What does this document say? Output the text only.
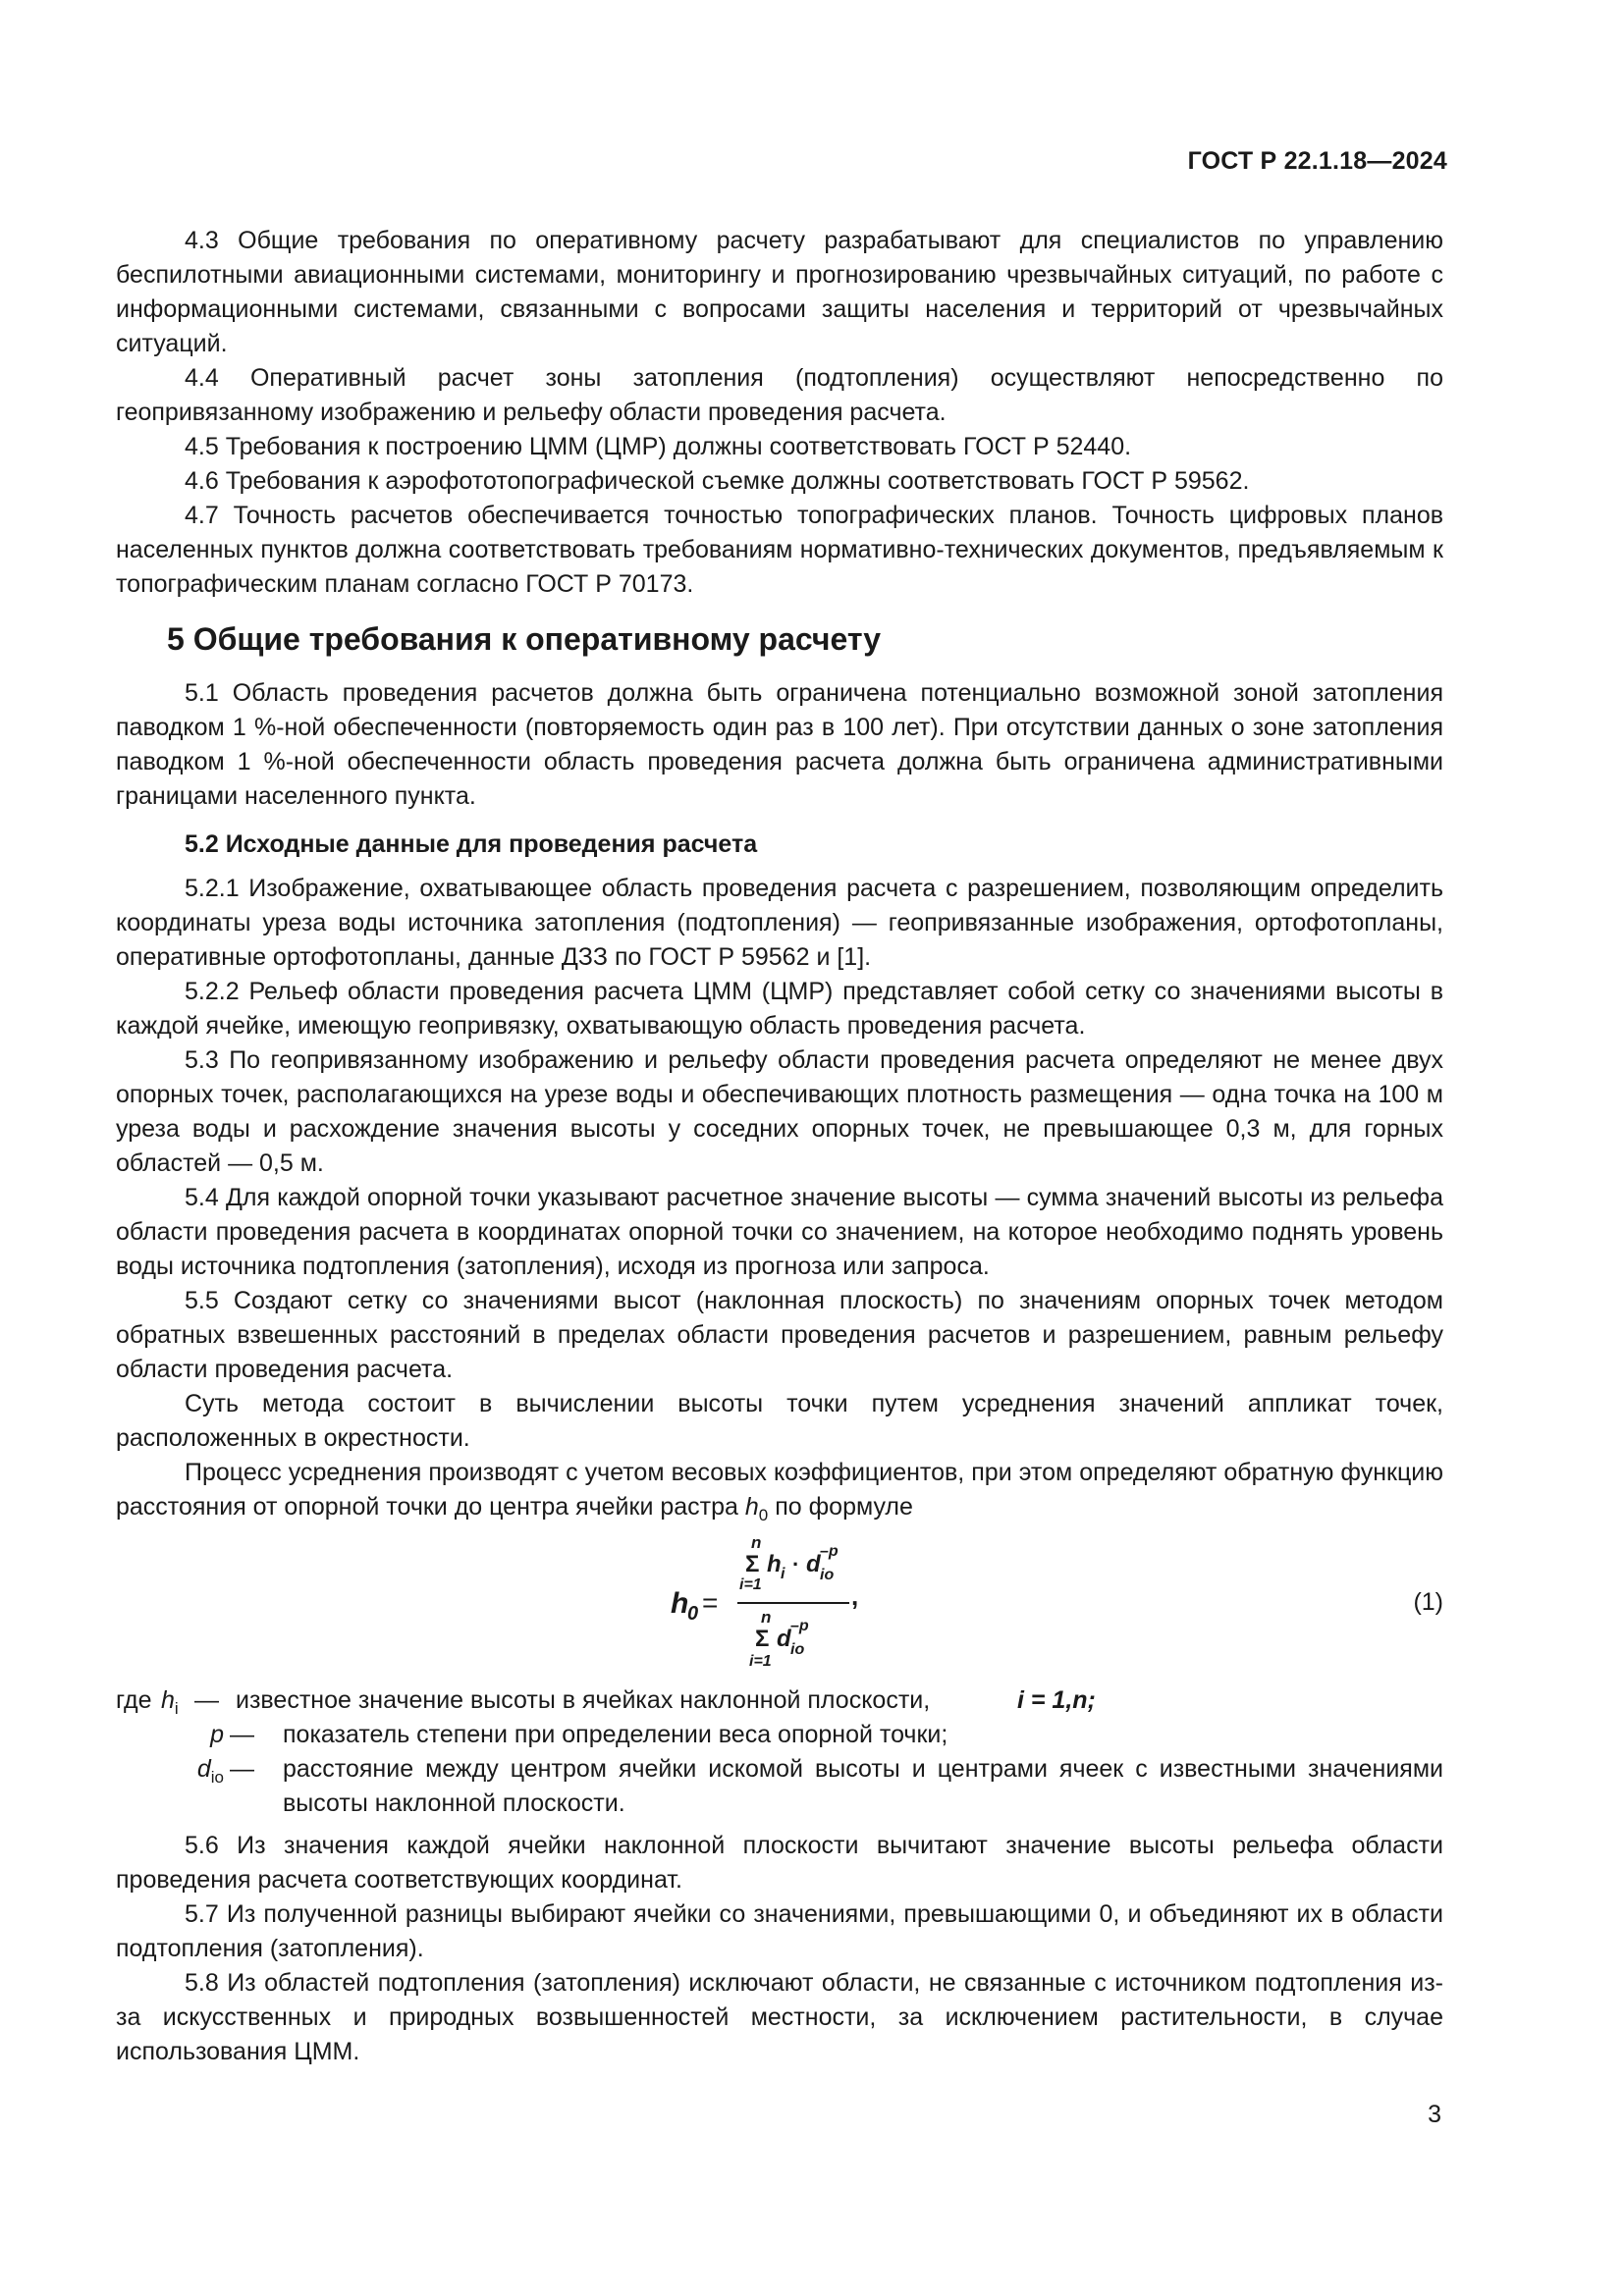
ГОСТ Р 22.1.18—2024

4.3 Общие требования по оперативному расчету разрабатывают для специалистов по управлению беспилотными авиационными системами, мониторингу и прогнозированию чрезвычайных ситуаций, по работе с информационными системами, связанными с вопросами защиты населения и территорий от чрезвычайных ситуаций.

4.4 Оперативный расчет зоны затопления (подтопления) осуществляют непосредственно по геопривязанному изображению и рельефу области проведения расчета.

4.5 Требования к построению ЦММ (ЦМР) должны соответствовать ГОСТ Р 52440.

4.6 Требования к аэрофототопографической съемке должны соответствовать ГОСТ Р 59562.

4.7 Точность расчетов обеспечивается точностью топографических планов. Точность цифровых планов населенных пунктов должна соответствовать требованиям нормативно-технических документов, предъявляемым к топографическим планам согласно ГОСТ Р 70173.

5 Общие требования к оперативному расчету

5.1 Область проведения расчетов должна быть ограничена потенциально возможной зоной затопления паводком 1 %-ной обеспеченности (повторяемость один раз в 100 лет). При отсутствии данных о зоне затопления паводком 1 %-ной обеспеченности область проведения расчета должна быть ограничена административными границами населенного пункта.

5.2 Исходные данные для проведения расчета

5.2.1 Изображение, охватывающее область проведения расчета с разрешением, позволяющим определить координаты уреза воды источника затопления (подтопления) — геопривязанные изображения, ортофотопланы, оперативные ортофотопланы, данные ДЗЗ по ГОСТ Р 59562 и [1].

5.2.2 Рельеф области проведения расчета ЦММ (ЦМР) представляет собой сетку со значениями высоты в каждой ячейке, имеющую геопривязку, охватывающую область проведения расчета.

5.3 По геопривязанному изображению и рельефу области проведения расчета определяют не менее двух опорных точек, располагающихся на урезе воды и обеспечивающих плотность размещения — одна точка на 100 м уреза воды и расхождение значения высоты у соседних опорных точек, не превышающее 0,3 м, для горных областей — 0,5 м.

5.4 Для каждой опорной точки указывают расчетное значение высоты — сумма значений высоты из рельефа области проведения расчета в координатах опорной точки со значением, на которое необходимо поднять уровень воды источника подтопления (затопления), исходя из прогноза или запроса.

5.5 Создают сетку со значениями высот (наклонная плоскость) по значениям опорных точек методом обратных взвешенных расстояний в пределах области проведения расчетов и разрешением, равным рельефу области проведения расчета.

Суть метода состоит в вычислении высоты точки путем усреднения значений аппликат точек, расположенных в окрестности.

Процесс усреднения производят с учетом весовых коэффициентов, при этом определяют обратную функцию расстояния от опорной точки до центра ячейки растра $h_0$ по формуле

h
0 =
n
Σ
i=1
h i · d io
–p
,
n
Σ
i=1
d io
–p
(1)
где $h_i$ — известное значение высоты в ячейках наклонной плоскости,	i = 1,n;
p — показатель степени при определении веса опорной точки;
$d_{io}$ — расстояние между центром ячейки искомой высоты и центрами ячеек с известными значениями высоты наклонной плоскости.

5.6 Из значения каждой ячейки наклонной плоскости вычитают значение высоты рельефа области проведения расчета соответствующих координат.

5.7 Из полученной разницы выбирают ячейки со значениями, превышающими 0, и объединяют их в области подтопления (затопления).

5.8 Из областей подтопления (затопления) исключают области, не связанные с источником подтопления из-за искусственных и природных возвышенностей местности, за исключением растительности, в случае использования ЦММ.

3
